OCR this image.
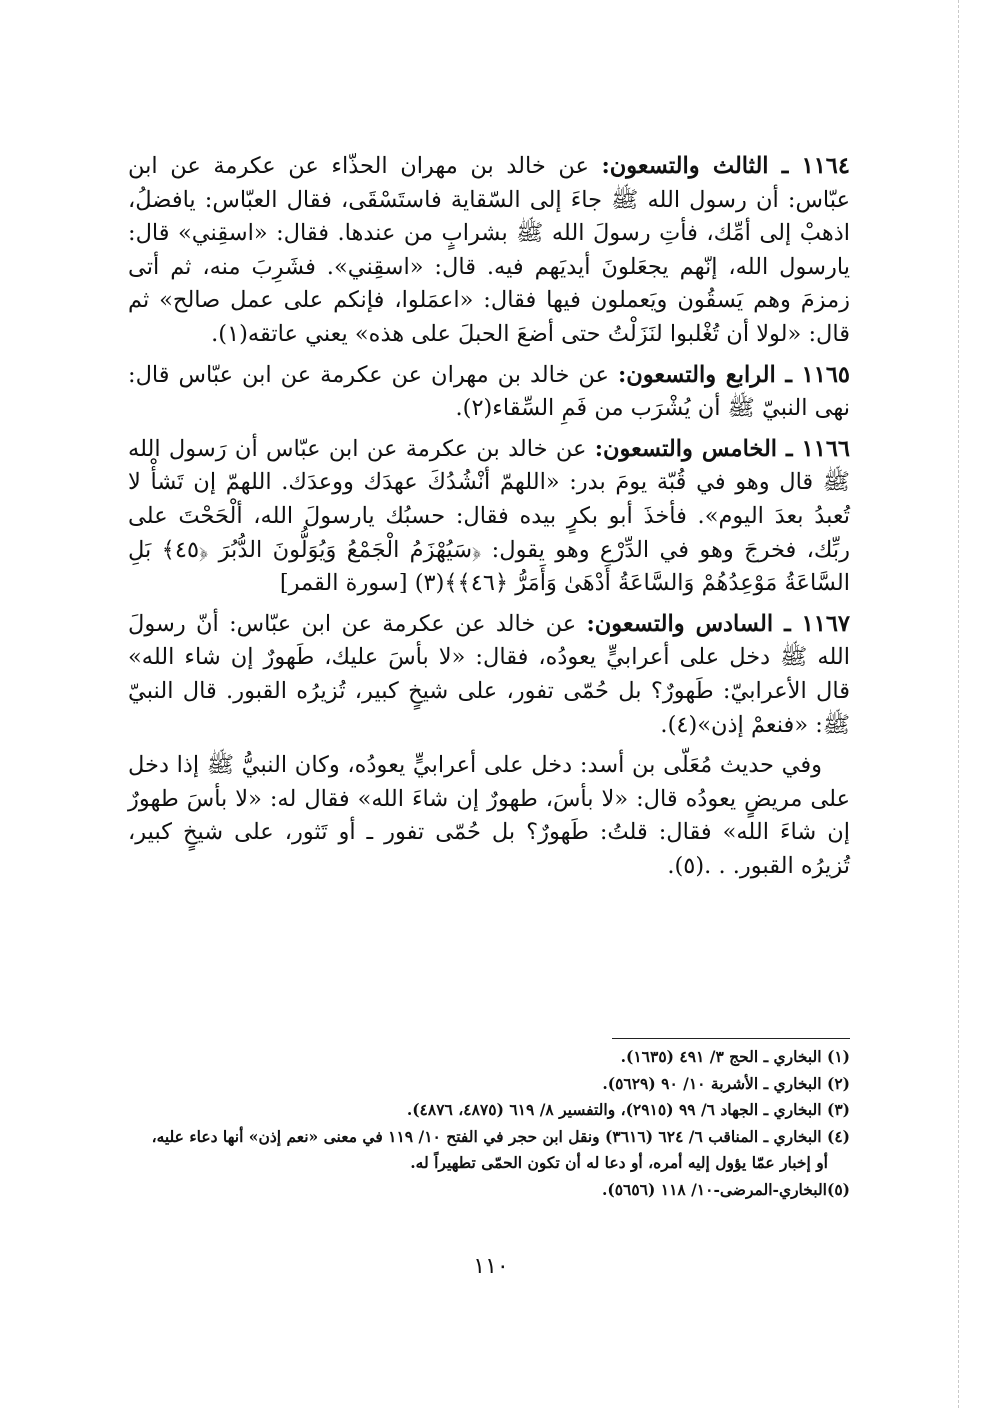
١١٦٤ ـ الثالث والتسعون: عن خالد بن مهران الحذّاء عن عكرمة عن ابن عبّاس: أن رسول الله ﷺ جاءَ إلى السّقاية فاستَسْقَى، فقال العبّاس: يافضلُ، اذهبْ إلى أمِّك، فأتِ رسولَ الله ﷺ بشرابٍ من عندها. فقال: «اسقِني» قال: يارسول الله، إنّهم يجعَلونَ أيديَهم فيه. قال: «اسقِني». فشَرِبَ منه، ثم أتى زمزمَ وهم يَسقُون ويَعملون فيها فقال: «اعمَلوا، فإنكم على عمل صالح» ثم قال: «لولا أن تُغْلبوا لنَزَلْتُ حتى أضعَ الحبلَ على هذه» يعني عاتقه(١).

١١٦٥ ـ الرابع والتسعون: عن خالد بن مهران عن عكرمة عن ابن عبّاس قال: نهى النبيّ ﷺ أن يُشْرَب من فَمِ السِّقاء(٢).

١١٦٦ ـ الخامس والتسعون: عن خالد بن عكرمة عن ابن عبّاس أن رَسول الله ﷺ قال وهو في قُبّة يومَ بدر: «اللهمّ أنْشُدُكَ عهدَك ووعدَك. اللهمّ إن تَشأْ لا تُعبدُ بعدَ اليوم». فأخذَ أبو بكرٍ بيده فقال: حسبُك يارسولَ الله، ألْحَحْتَ على ربِّك، فخرجَ وهو في الدِّرْع وهو يقول: ﴿سَيُهْزَمُ الْجَمْعُ وَيُوَلُّونَ الدُّبُرَ ﴿٤٥﴾ بَلِ السَّاعَةُ مَوْعِدُهُمْ وَالسَّاعَةُ أَدْهَىٰ وَأَمَرُّ ﴿٤٦﴾﴾(٣) [سورة القمر]

١١٦٧ ـ السادس والتسعون: عن خالد عن عكرمة عن ابن عبّاس: أنّ رسولَ الله ﷺ دخل على أعرابيٍّ يعودُه، فقال: «لا بأسَ عليك، طَهورٌ إن شاء الله» قال الأعرابيّ: طَهورٌ؟ بل حُمّى تفور، على شيخٍ كبير، تُزيرُه القبور. قال النبيّ ﷺ: «فنعمْ إذن»(٤).

وفي حديث مُعَلّى بن أسد: دخل على أعرابيٍّ يعودُه، وكان النبيُّ ﷺ إذا دخل على مريضٍ يعودُه قال: «لا بأسَ، طهورٌ إن شاءَ الله» فقال له: «لا بأسَ طهورٌ إن شاءَ الله» فقال: قلتُ: طَهورٌ؟ بل حُمّى تفور ـ أو تَثور، على شيخٍ كبير، تُزيرُه القبور. . .(٥).

(١) البخاري ـ الحج ٣/ ٤٩١ (١٦٣٥).

(٢) البخاري ـ الأشربة ١٠/ ٩٠ (٥٦٢٩).

(٣) البخاري ـ الجهاد ٦/ ٩٩ (٢٩١٥)، والتفسير ٨/ ٦١٩ (٤٨٧٥، ٤٨٧٦).

(٤) البخاري ـ المناقب ٦/ ٦٢٤ (٣٦١٦) ونقل ابن حجر في الفتح ١٠/ ١١٩ في معنى «نعم إذن» أنها دعاء عليه،

أو إخبار عمّا يؤول إليه أمره، أو دعا له أن تكون الحمّى تطهيراً له.

(٥)البخاري-المرضى-١٠/ ١١٨ (٥٦٥٦).

١١٠
